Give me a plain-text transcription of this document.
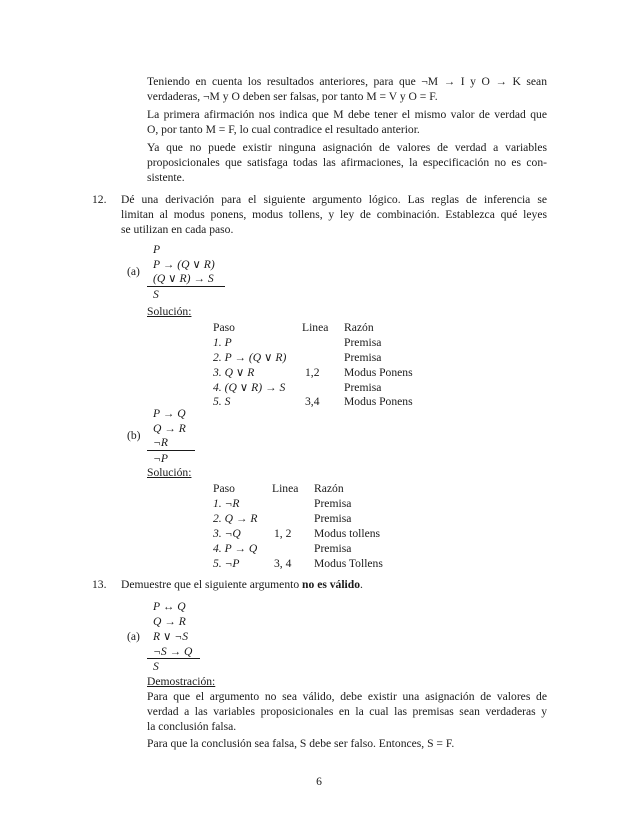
Teniendo en cuenta los resultados anteriores, para que ¬M → I y O → K sean
verdaderas, ¬M y O deben ser falsas, por tanto M = V y O = F.
La primera afirmación nos indica que M debe tener el mismo valor de verdad que
O, por tanto M = F, lo cual contradice el resultado anterior.
Ya que no puede existir ninguna asignación de valores de verdad a variables
proposicionales que satisfaga todas las afirmaciones, la especificación no es con-
sistente.
12. Dé una derivación para el siguiente argumento lógico. Las reglas de inferencia se
limitan al modus ponens, modus tollens, y ley de combinación. Establezca qué leyes
se utilizan en cada paso.
(a)
P
P → (Q ∨ R)
(Q ∨ R) → S
S
Solución:
Paso	Linea Razón
1. P	Premisa
2. P → (Q ∨ R)	Premisa
3. Q ∨ R	1,2 Modus Ponens
4. (Q ∨ R) → S	Premisa
5. S	3,4 Modus Ponens
(b)
P → Q
Q → R
¬R
¬P
Solución:
Paso	Linea Razón
1. ¬R	Premisa
2. Q → R	Premisa
3. ¬Q	1, 2 Modus tollens
4. P → Q	Premisa
5. ¬P	3, 4 Modus Tollens
13. Demuestre que el siguiente argumento no es válido.
(a)
P ↔ Q
Q → R
R ∨ ¬S
¬S → Q
S
Demostración:
Para que el argumento no sea válido, debe existir una asignación de valores de
verdad a las variables proposicionales en la cual las premisas sean verdaderas y
la conclusión falsa.
Para que la conclusión sea falsa, S debe ser falso. Entonces, S = F.
6
